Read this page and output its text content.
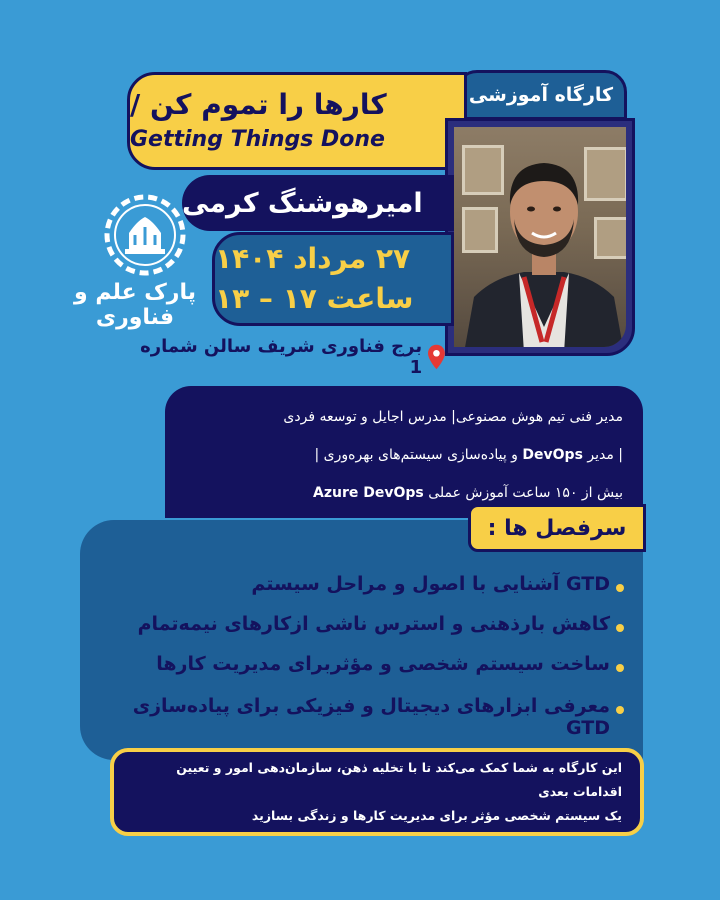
کارگاه آموزشی
کارها را تموم کن /
Getting Things Done
امیرهوشنگ کرمی
۲۷ مرداد ۱۴۰۴
ساعت ۱۷ – ۱۳
پارک علم و فناوری
برج فناوری شریف سالن شماره 1
مدیر فنی تیم هوش مصنوعی| مدرس اجایل و توسعه فردی
| مدیر DevOps و پیاده‌سازی سیستم‌های بهره‌وری |
بیش از ۱۵۰ ساعت آموزش عملی Azure DevOps
سرفصل ها :
GTD آشنایی با اصول و مراحل سیستم
کاهش بارذهنی و استرس ناشی ازکارهای نیمه‌تمام
ساخت سیستم شخصی و مؤثربرای مدیریت کارها
معرفی ابزارهای دیجیتال و فیزیکی برای پیاده‌سازی GTD
این کارگاه به شما کمک می‌کند تا با تخلیه ذهن، سازمان‌دهی امور و تعیین اقدامات بعدی
یک سیستم شخصی مؤثر برای مدیریت کارها و زندگی بسازید
